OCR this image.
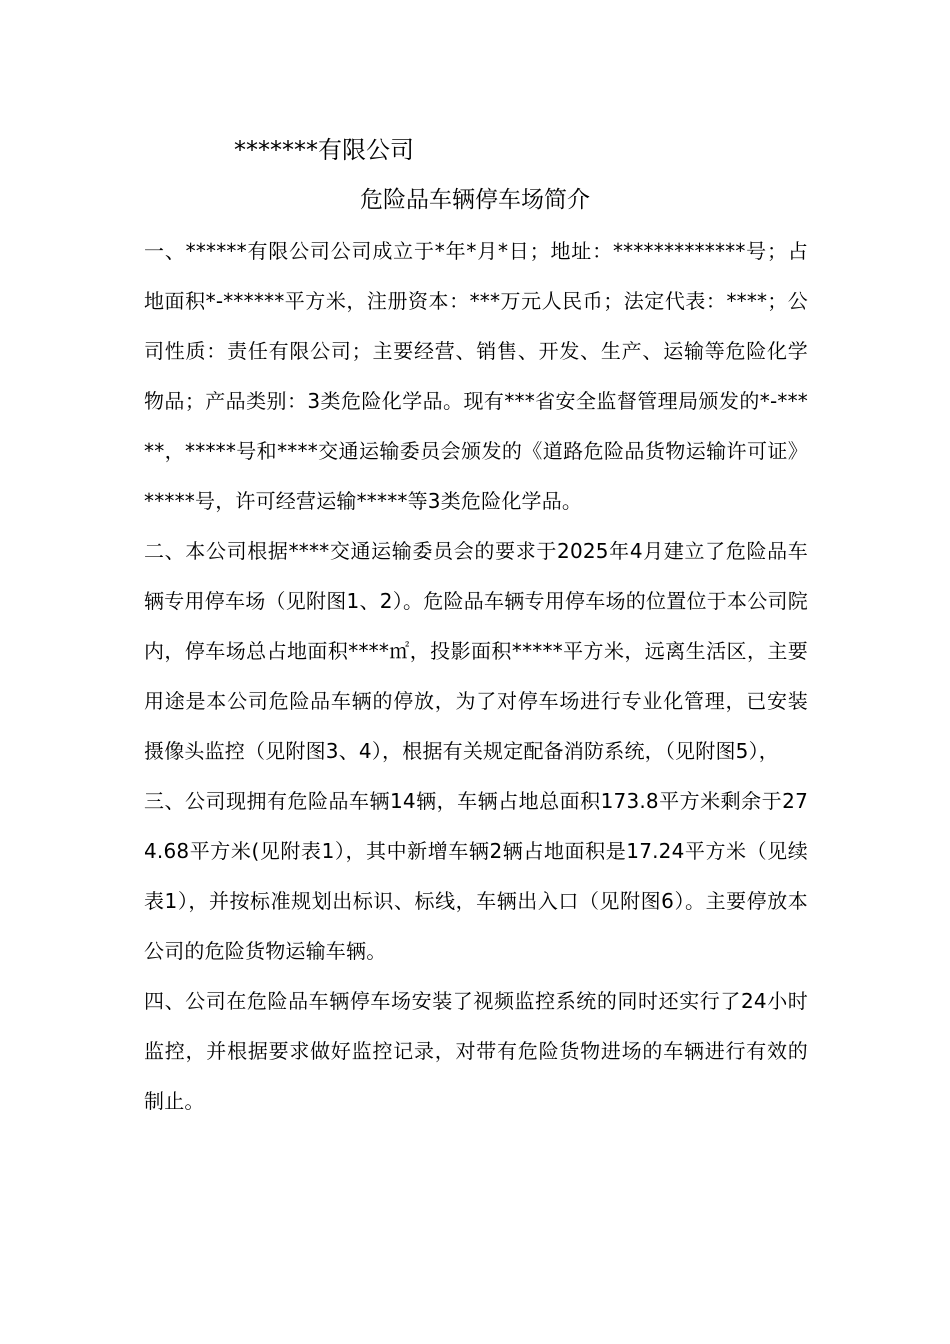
*******有限公司
危险品车辆停车场简介

一、******有限公司公司成立于*年*月*日；地址：*************号；占地面积*-******平方米，注册资本：***万元人民币；法定代表：****；公司性质：责任有限公司；主要经营、销售、开发、生产、运输等危险化学物品；产品类别：3类危险化学品。现有***省安全监督管理局颁发的*-*****，*****号和****交通运输委员会颁发的《道路危险品货物运输许可证》*****号，许可经营运输*****等3类危险化学品。

二、本公司根据****交通运输委员会的要求于2025年4月建立了危险品车辆专用停车场（见附图1、2）。危险品车辆专用停车场的位置位于本公司院内，停车场总占地面积****㎡，投影面积*****平方米，远离生活区，主要用途是本公司危险品车辆的停放，为了对停车场进行专业化管理，已安装摄像头监控（见附图3、4），根据有关规定配备消防系统，（见附图5），

三、公司现拥有危险品车辆14辆，车辆占地总面积173.8平方米剩余于274.68平方米(见附表1），其中新增车辆2辆占地面积是17.24平方米（见续表1），并按标准规划出标识、标线，车辆出入口（见附图6）。主要停放本公司的危险货物运输车辆。

四、公司在危险品车辆停车场安装了视频监控系统的同时还实行了24小时监控，并根据要求做好监控记录，对带有危险货物进场的车辆进行有效的制止。
